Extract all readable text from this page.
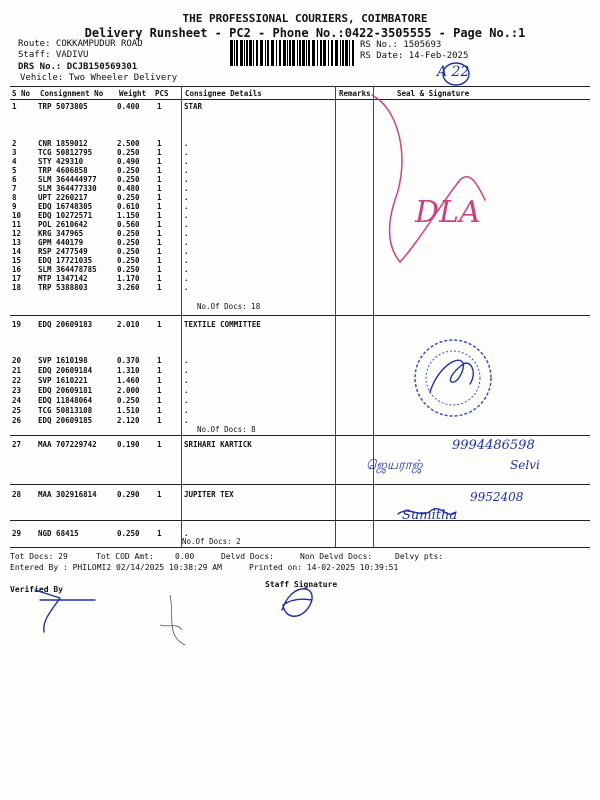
THE PROFESSIONAL COURIERS, COIMBATORE
Delivery Runsheet - PC2 - Phone No.:0422-3505555 - Page No.:1
Route: COKKAMPUDUR ROAD
Staff: VADIVU
DRS No.: DCJB150569301
Vehicle: Two Wheeler Delivery
RS No.: 1505693
RS Date: 14-Feb-2025
S No Consignment No Weight PCS Consignee Details	Remarks	Seal & Signature
1	TRP 5073805	0.400 1	STAR
2	CNR 1859012	2.500 1	.
3	TCG 50812795	0.250 1	.
4	STY 429310	0.490 1	.
5	TRP 4606858	0.250 1	.
6	SLM 364444977	0.250 1	.
7	SLM 364477330	0.480 1	.
8	UPT 2260217	0.250 1	.
9	EDQ 16748305	0.610 1	.
10 EDQ 10272571	1.150 1	.
11 POL 2610642	0.560 1	.
12 KRG 347965	0.250 1	.
13 GPM 440179	0.250 1	.
14 RSP 2477549	0.250 1	.
15 EDQ 17721035	0.250 1	.
16 SLM 364478785	0.250 1	.
17 MTP 1347142	1.170 1	.
18 TRP 5388803	3.260 1	.
No.Of Docs: 18
19 EDQ 20609183	2.010 1	TEXTILE COMMITTEE
20 SVP 1610198	0.370 1	.
21 EDQ 20609184	1.310 1	.
22 SVP 1610221	1.460 1	.
23 EDQ 20609181	2.000 1	.
24 EDQ 11848064	0.250 1	.
25 TCG 50813108	1.510 1	.
26 EDQ 20609185	2.120 1	.
No.Of Docs: 8
27 MAA 707229742	0.190 1	SRIHARI KARTICK
28 MAA 302916814	0.290 1	JUPITER TEX
29 NGD 68415	0.250 1	.
No.Of Docs: 2
Tot Docs: 29	Tot COD Amt:	0.00	Delvd Docs:	Non Delvd Docs:	Delvy pts:
Entered By : PHILOMI2 02/14/2025 10:38:29 AM	Printed on: 14-02-2025 10:39:51
Verified By
Staff Signature
A 22
DLA
ஜெயராஜ்
9994486598
Selvi
Sumitha
9952408
